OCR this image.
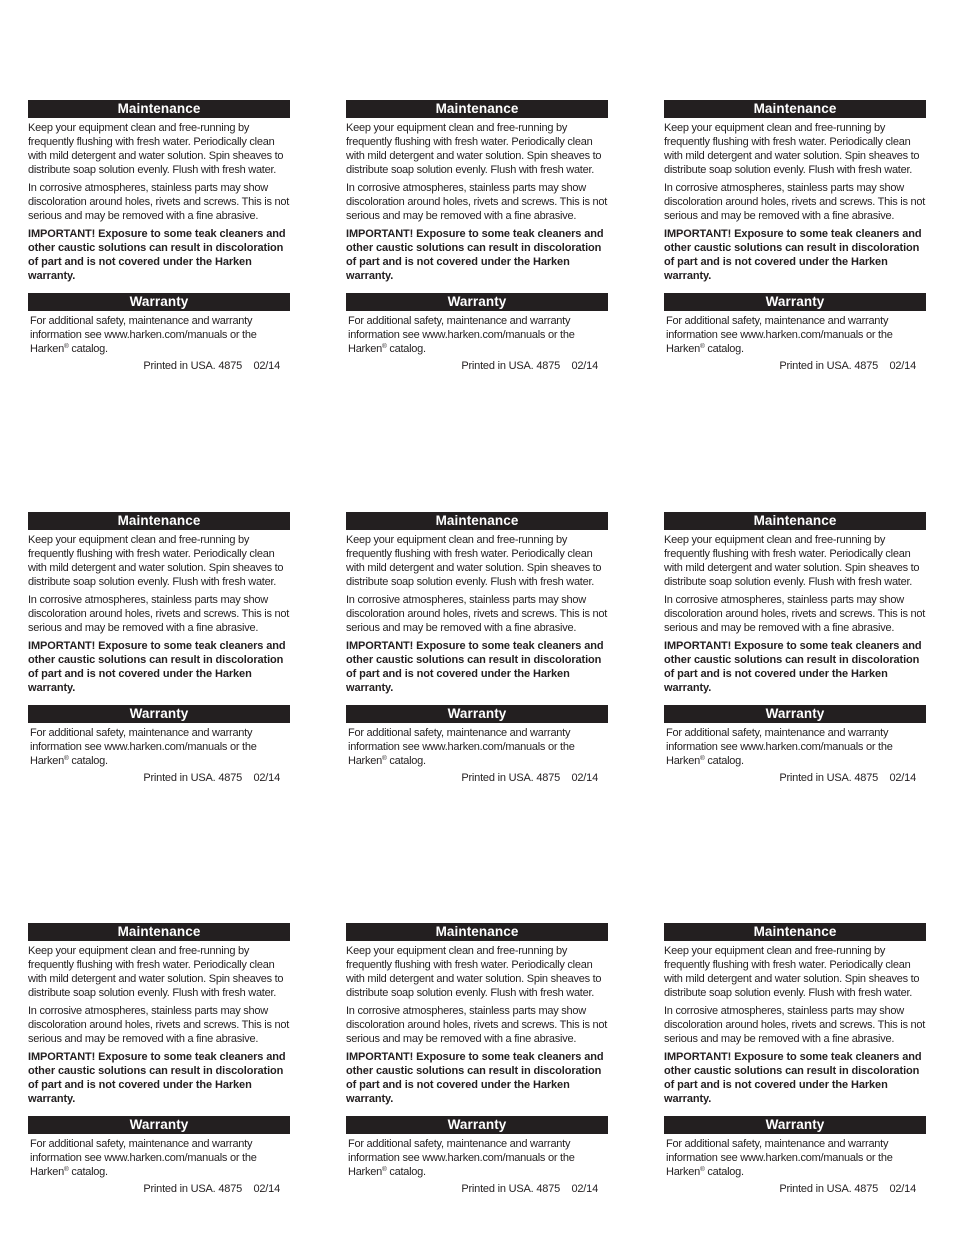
Maintenance

Keep your equipment clean and free-running by frequently flushing with fresh water. Periodically clean with mild detergent and water solution. Spin sheaves to distribute soap solution evenly. Flush with fresh water.

In corrosive atmospheres, stainless parts may show discoloration around holes, rivets and screws. This is not serious and may be removed with a fine abrasive.

IMPORTANT! Exposure to some teak cleaners and other caustic solutions can result in discoloration of part and is not covered under the Harken warranty.

Warranty

For additional safety, maintenance and warranty information see www.harken.com/manuals or the Harken® catalog.

Printed in USA. 4875    02/14
Maintenance

Keep your equipment clean and free-running by frequently flushing with fresh water. Periodically clean with mild detergent and water solution. Spin sheaves to distribute soap solution evenly. Flush with fresh water.

In corrosive atmospheres, stainless parts may show discoloration around holes, rivets and screws. This is not serious and may be removed with a fine abrasive.

IMPORTANT! Exposure to some teak cleaners and other caustic solutions can result in discoloration of part and is not covered under the Harken warranty.

Warranty

For additional safety, maintenance and warranty information see www.harken.com/manuals or the Harken® catalog.

Printed in USA. 4875    02/14
Maintenance

Keep your equipment clean and free-running by frequently flushing with fresh water. Periodically clean with mild detergent and water solution. Spin sheaves to distribute soap solution evenly. Flush with fresh water.

In corrosive atmospheres, stainless parts may show discoloration around holes, rivets and screws. This is not serious and may be removed with a fine abrasive.

IMPORTANT! Exposure to some teak cleaners and other caustic solutions can result in discoloration of part and is not covered under the Harken warranty.

Warranty

For additional safety, maintenance and warranty information see www.harken.com/manuals or the Harken® catalog.

Printed in USA. 4875    02/14
Maintenance

Keep your equipment clean and free-running by frequently flushing with fresh water. Periodically clean with mild detergent and water solution. Spin sheaves to distribute soap solution evenly. Flush with fresh water.

In corrosive atmospheres, stainless parts may show discoloration around holes, rivets and screws. This is not serious and may be removed with a fine abrasive.

IMPORTANT! Exposure to some teak cleaners and other caustic solutions can result in discoloration of part and is not covered under the Harken warranty.

Warranty

For additional safety, maintenance and warranty information see www.harken.com/manuals or the Harken® catalog.

Printed in USA. 4875    02/14
Maintenance

Keep your equipment clean and free-running by frequently flushing with fresh water. Periodically clean with mild detergent and water solution. Spin sheaves to distribute soap solution evenly. Flush with fresh water.

In corrosive atmospheres, stainless parts may show discoloration around holes, rivets and screws. This is not serious and may be removed with a fine abrasive.

IMPORTANT! Exposure to some teak cleaners and other caustic solutions can result in discoloration of part and is not covered under the Harken warranty.

Warranty

For additional safety, maintenance and warranty information see www.harken.com/manuals or the Harken® catalog.

Printed in USA. 4875    02/14
Maintenance

Keep your equipment clean and free-running by frequently flushing with fresh water. Periodically clean with mild detergent and water solution. Spin sheaves to distribute soap solution evenly. Flush with fresh water.

In corrosive atmospheres, stainless parts may show discoloration around holes, rivets and screws. This is not serious and may be removed with a fine abrasive.

IMPORTANT! Exposure to some teak cleaners and other caustic solutions can result in discoloration of part and is not covered under the Harken warranty.

Warranty

For additional safety, maintenance and warranty information see www.harken.com/manuals or the Harken® catalog.

Printed in USA. 4875    02/14
Maintenance

Keep your equipment clean and free-running by frequently flushing with fresh water. Periodically clean with mild detergent and water solution. Spin sheaves to distribute soap solution evenly. Flush with fresh water.

In corrosive atmospheres, stainless parts may show discoloration around holes, rivets and screws. This is not serious and may be removed with a fine abrasive.

IMPORTANT! Exposure to some teak cleaners and other caustic solutions can result in discoloration of part and is not covered under the Harken warranty.

Warranty

For additional safety, maintenance and warranty information see www.harken.com/manuals or the Harken® catalog.

Printed in USA. 4875    02/14
Maintenance

Keep your equipment clean and free-running by frequently flushing with fresh water. Periodically clean with mild detergent and water solution. Spin sheaves to distribute soap solution evenly. Flush with fresh water.

In corrosive atmospheres, stainless parts may show discoloration around holes, rivets and screws. This is not serious and may be removed with a fine abrasive.

IMPORTANT! Exposure to some teak cleaners and other caustic solutions can result in discoloration of part and is not covered under the Harken warranty.

Warranty

For additional safety, maintenance and warranty information see www.harken.com/manuals or the Harken® catalog.

Printed in USA. 4875    02/14
Maintenance

Keep your equipment clean and free-running by frequently flushing with fresh water. Periodically clean with mild detergent and water solution. Spin sheaves to distribute soap solution evenly. Flush with fresh water.

In corrosive atmospheres, stainless parts may show discoloration around holes, rivets and screws. This is not serious and may be removed with a fine abrasive.

IMPORTANT! Exposure to some teak cleaners and other caustic solutions can result in discoloration of part and is not covered under the Harken warranty.

Warranty

For additional safety, maintenance and warranty information see www.harken.com/manuals or the Harken® catalog.

Printed in USA. 4875    02/14
